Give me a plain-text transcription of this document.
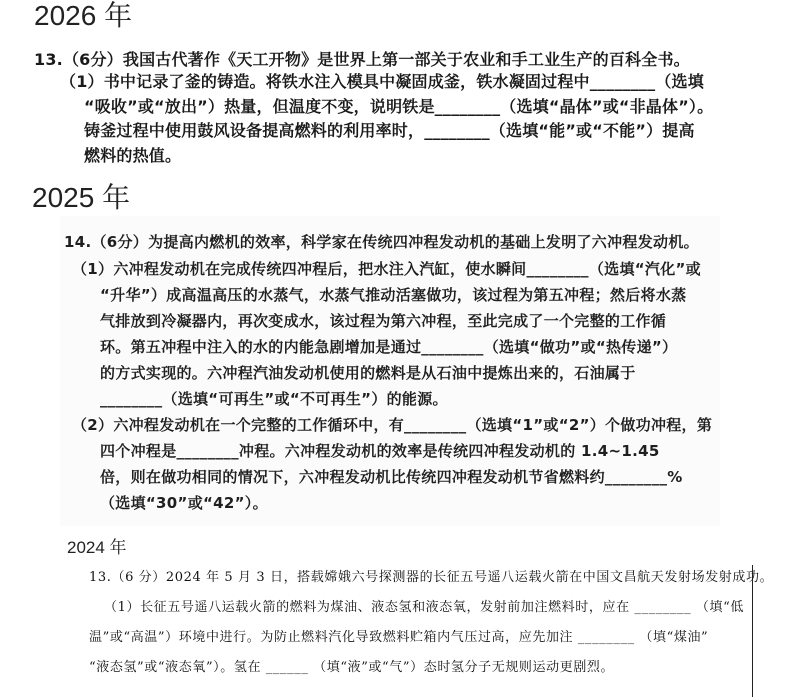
2026 年
13.（6分）我国古代著作《天工开物》是世界上第一部关于农业和手工业生产的百科全书。
（1）书中记录了釜的铸造。将铁水注入模具中凝固成釜，铁水凝固过程中________（选填
“吸收”或“放出”）热量，但温度不变，说明铁是________（选填“晶体”或“非晶体”）。
铸釜过程中使用鼓风设备提高燃料的利用率时，________（选填“能”或“不能”）提高
燃料的热值。
2025 年
14.（6分）为提高内燃机的效率，科学家在传统四冲程发动机的基础上发明了六冲程发动机。
（1）六冲程发动机在完成传统四冲程后，把水注入汽缸，使水瞬间________（选填“汽化”或
“升华”）成高温高压的水蒸气，水蒸气推动活塞做功，该过程为第五冲程；然后将水蒸
气排放到冷凝器内，再次变成水，该过程为第六冲程，至此完成了一个完整的工作循
环。第五冲程中注入的水的内能急剧增加是通过________（选填“做功”或“热传递”）
的方式实现的。六冲程汽油发动机使用的燃料是从石油中提炼出来的，石油属于
________（选填“可再生”或“不可再生”）的能源。
（2）六冲程发动机在一个完整的工作循环中，有________（选填“1”或“2”）个做功冲程，第
四个冲程是________冲程。六冲程发动机的效率是传统四冲程发动机的 1.4~1.45
倍，则在做功相同的情况下，六冲程发动机比传统四冲程发动机节省燃料约________%
（选填“30”或“42”）。
2024 年
13.（6 分）2024 年 5 月 3 日，搭载嫦娥六号探测器的长征五号遥八运载火箭在中国文昌航天发射场发射成功。
（1）长征五号遥八运载火箭的燃料为煤油、液态氢和液态氧，发射前加注燃料时，应在 ________ （填“低
温”或“高温”）环境中进行。为防止燃料汽化导致燃料贮箱内气压过高，应先加注 ________ （填“煤油”
“液态氢”或“液态氧”）。氢在 ______ （填“液”或“气”）态时氢分子无规则运动更剧烈。
